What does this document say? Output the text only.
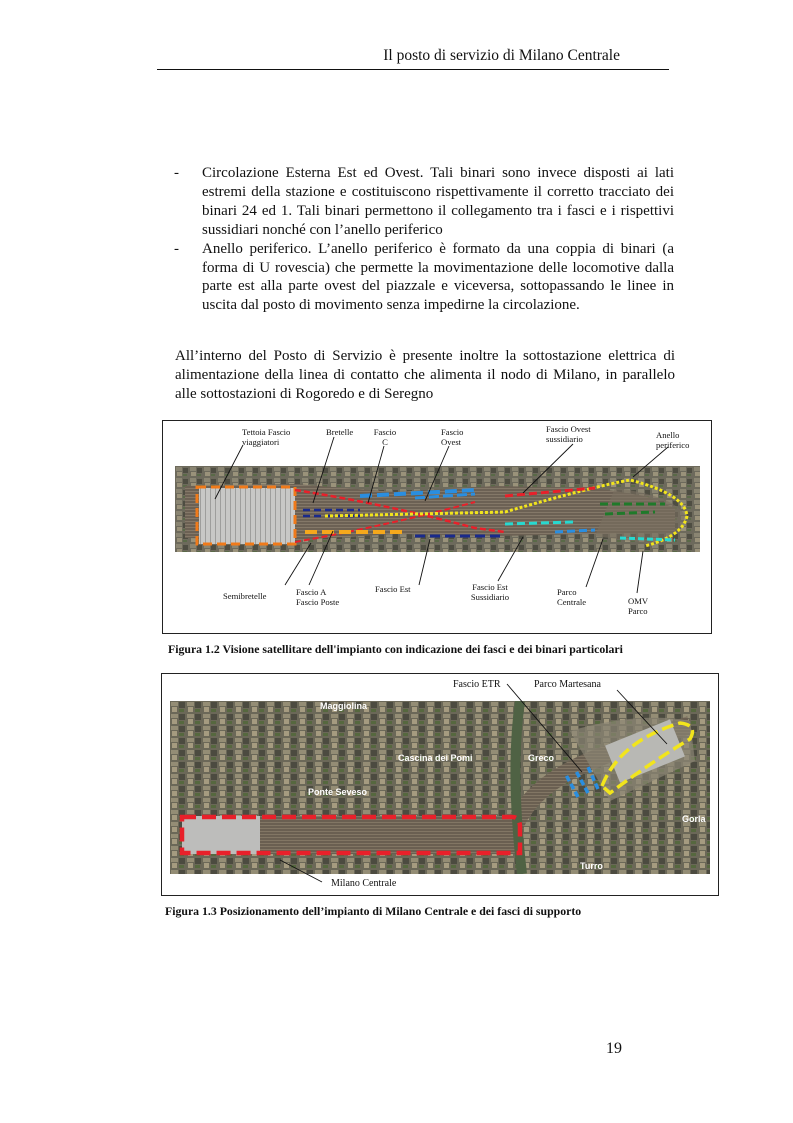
Il posto di servizio di Milano Centrale
- Circolazione Esterna Est ed Ovest. Tali binari sono invece disposti ai lati estremi della stazione e costituiscono rispettivamente il corretto tracciato dei binari 24 ed 1. Tali binari permettono il collegamento tra i fasci e i rispettivi sussidiari nonché con l’anello periferico
- Anello periferico. L’anello periferico è formato da una coppia di binari (a forma di U rovescia) che permette la movimentazione delle locomotive dalla parte est alla parte ovest del piazzale e viceversa, sottopassando le linee in uscita dal posto di movimento senza impedirne la circolazione.
All’interno del Posto di Servizio è presente inoltre la sottostazione elettrica di alimentazione della linea di contatto che alimenta il nodo di Milano, in parallelo alle sottostazioni di Rogoredo e di Seregno
Tettoia Fascio
viaggiatori
Bretelle	Fascio
C
Fascio
Ovest
Fascio Ovest
sussidiario	Anello
periferico
Semibretelle	Fascio A
Fascio Poste
Fascio Est	Fascio Est
Sussidiario	Parco
Centrale	OMV
Parco
Figura 1.2 Visione satellitare dell'impianto con indicazione dei fasci e dei binari particolari
Maggiolina
Cascina dei Pomi	Greco
Ponte Seveso
Gorla
Turro
Fascio ETR	Parco Martesana
Milano Centrale
Figura 1.3 Posizionamento dell’impianto di Milano Centrale e dei fasci di supporto
19
